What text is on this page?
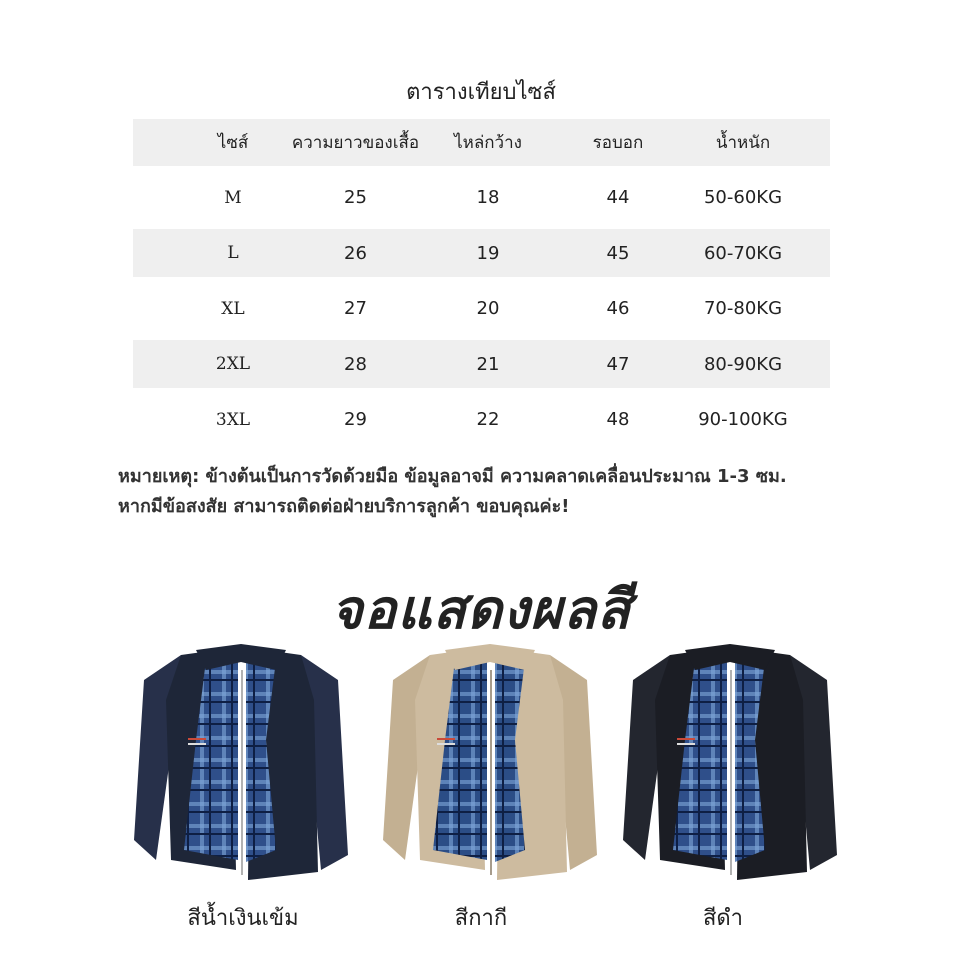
ตารางเทียบไซส์
ไซส์	ความยาวของเสื้อ	ไหล่กว้าง	รอบอก	น้ำหนัก
M	25	18	44	50-60KG
L	26	19	45	60-70KG
XL	27	20	46	70-80KG
2XL	28	21	47	80-90KG
3XL	29	22	48	90-100KG
หมายเหตุ: ข้างต้นเป็นการวัดด้วยมือ ข้อมูลอาจมี ความคลาดเคลื่อนประมาณ 1-3 ซม.
หากมีข้อสงสัย สามารถติดต่อฝ่ายบริการลูกค้า ขอบคุณค่ะ!
จอแสดงผลสี
สีน้ำเงินเข้ม	สีกากี	สีดำ
